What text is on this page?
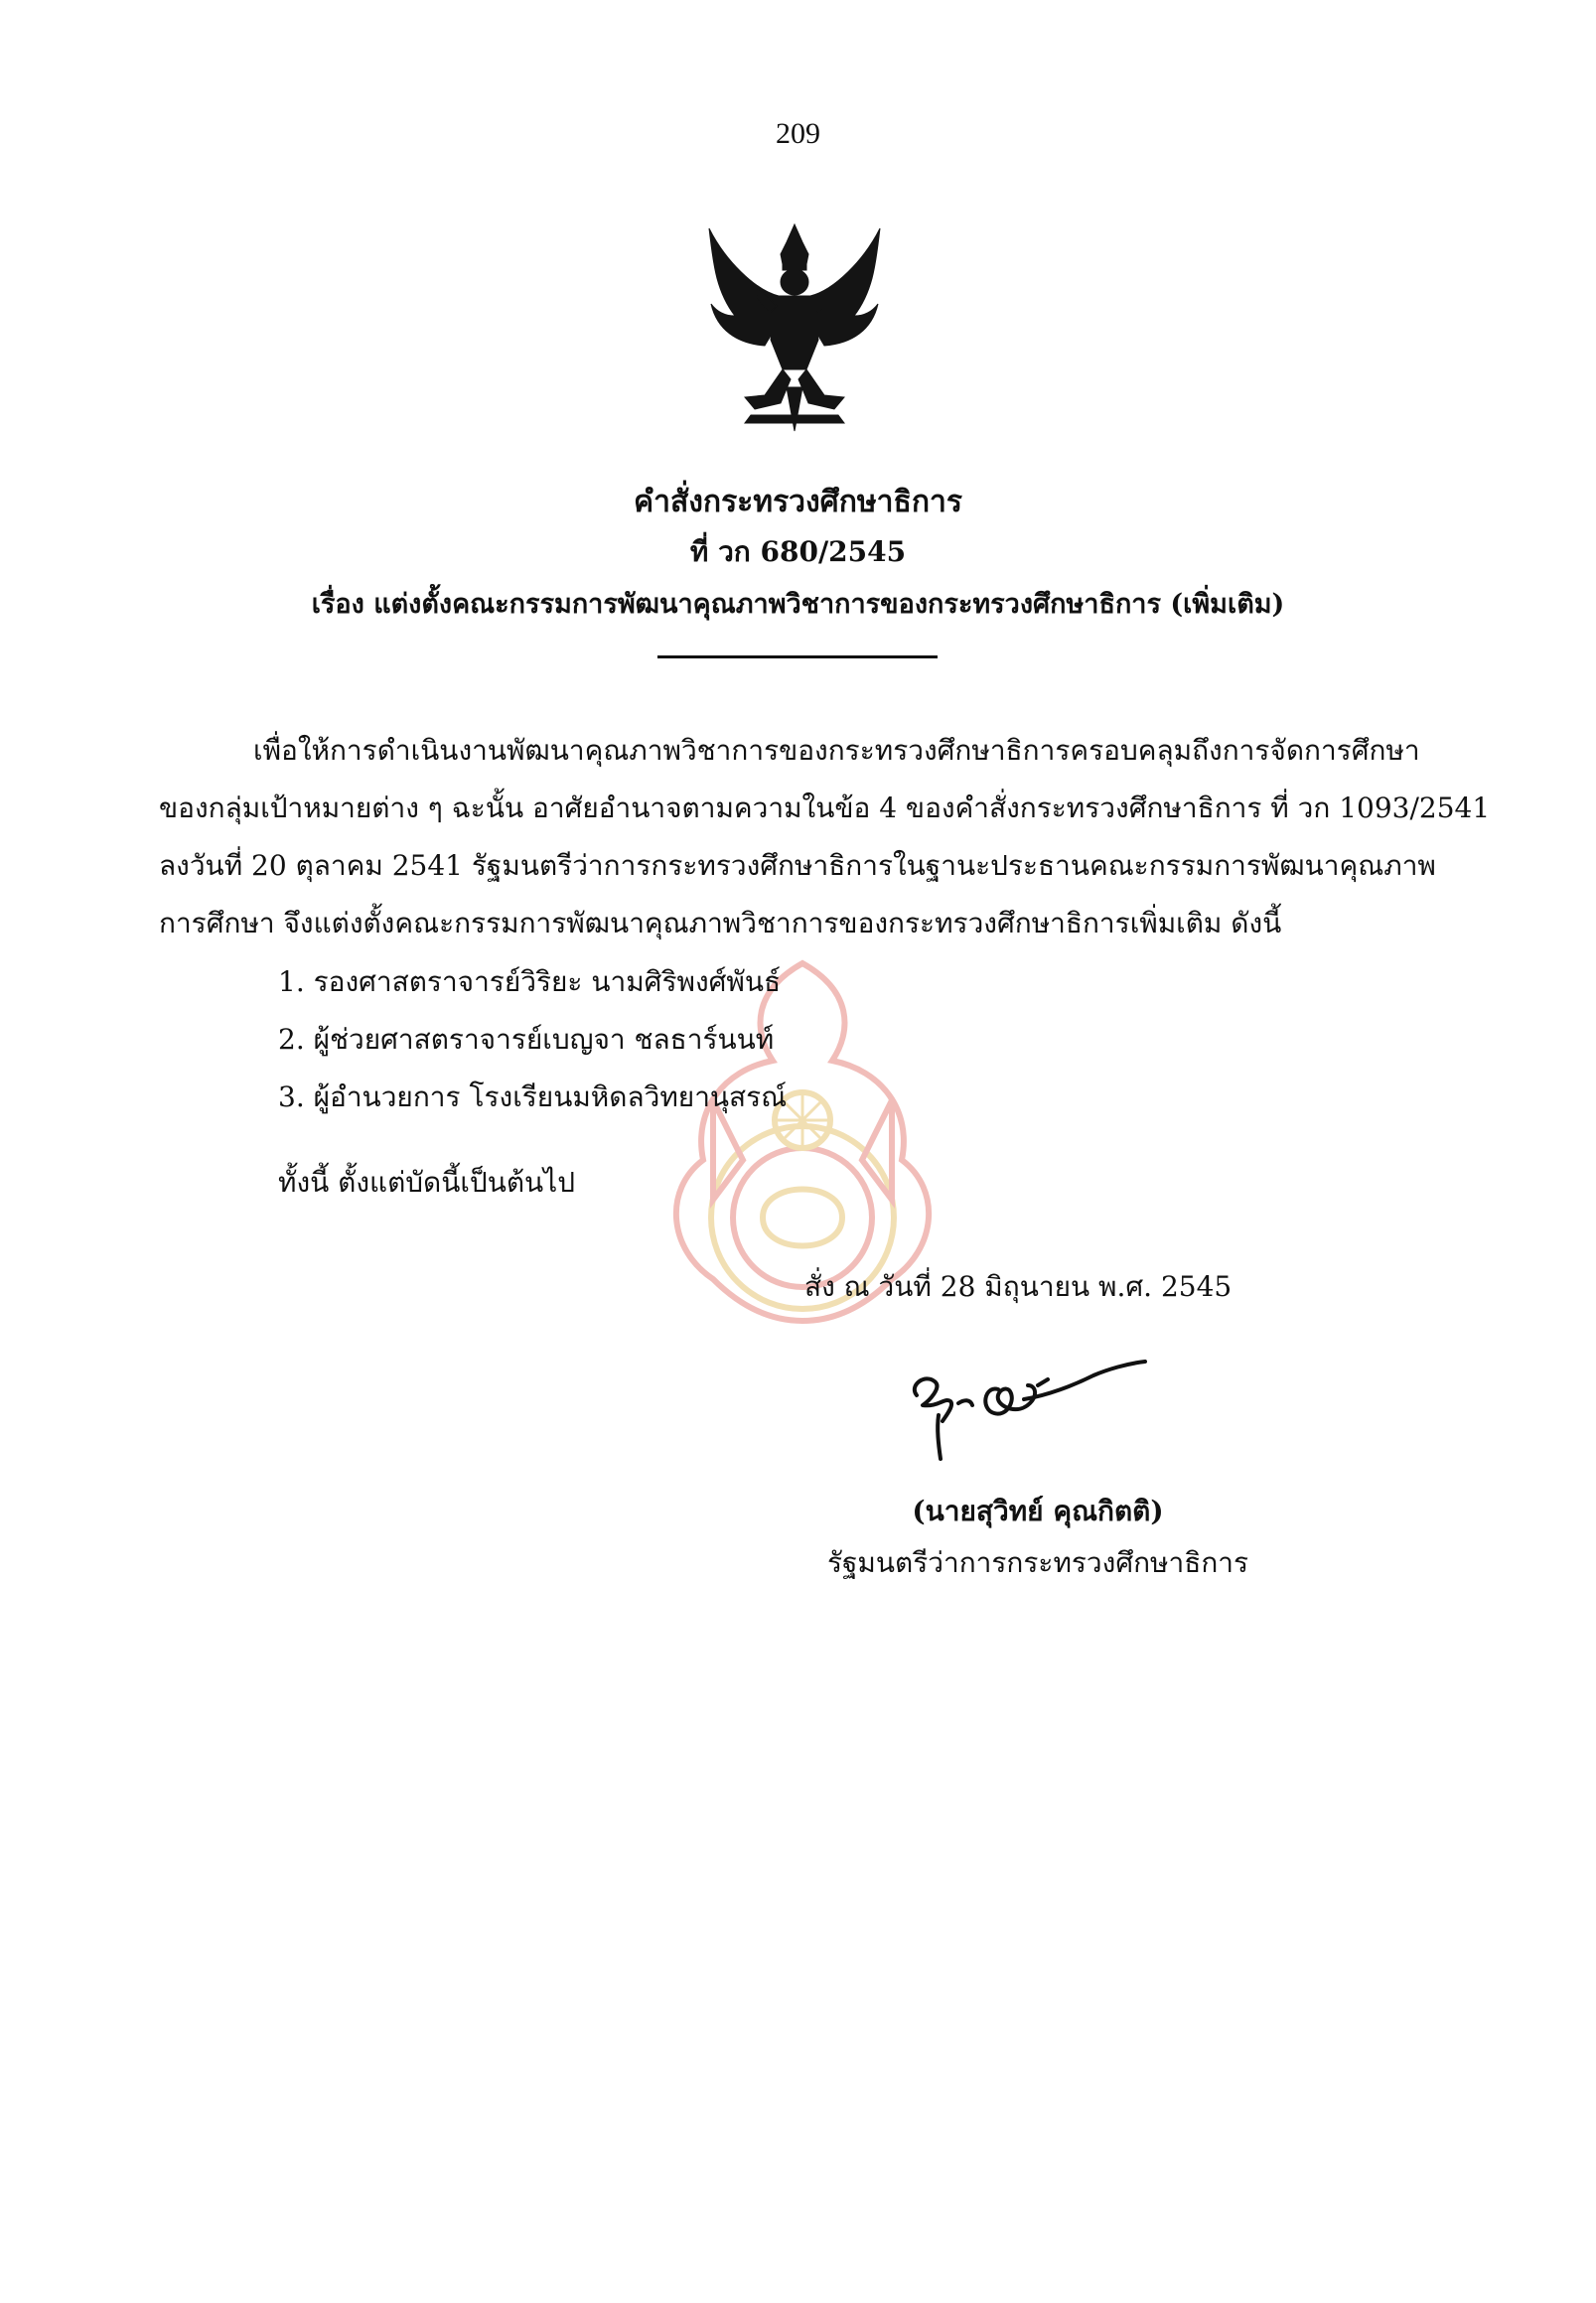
209
คำสั่งกระทรวงศึกษาธิการ
ที่ วก 680/2545
เรื่อง แต่งตั้งคณะกรรมการพัฒนาคุณภาพวิชาการของกระทรวงศึกษาธิการ (เพิ่มเติม)
เพื่อให้การดำเนินงานพัฒนาคุณภาพวิชาการของกระทรวงศึกษาธิการครอบคลุมถึงการจัดการศึกษา
ของกลุ่มเป้าหมายต่าง ๆ ฉะนั้น อาศัยอำนาจตามความในข้อ 4 ของคำสั่งกระทรวงศึกษาธิการ ที่ วก 1093/2541
ลงวันที่ 20 ตุลาคม 2541 รัฐมนตรีว่าการกระทรวงศึกษาธิการในฐานะประธานคณะกรรมการพัฒนาคุณภาพ
การศึกษา จึงแต่งตั้งคณะกรรมการพัฒนาคุณภาพวิชาการของกระทรวงศึกษาธิการเพิ่มเติม ดังนี้
1. รองศาสตราจารย์วิริยะ นามศิริพงศ์พันธ์
2. ผู้ช่วยศาสตราจารย์เบญจา ชลธาร์นนท์
3. ผู้อำนวยการ โรงเรียนมหิดลวิทยานุสรณ์
ทั้งนี้ ตั้งแต่บัดนี้เป็นต้นไป
สั่ง ณ วันที่ 28 มิถุนายน พ.ศ. 2545
(นายสุวิทย์ คุณกิตติ)
รัฐมนตรีว่าการกระทรวงศึกษาธิการ
